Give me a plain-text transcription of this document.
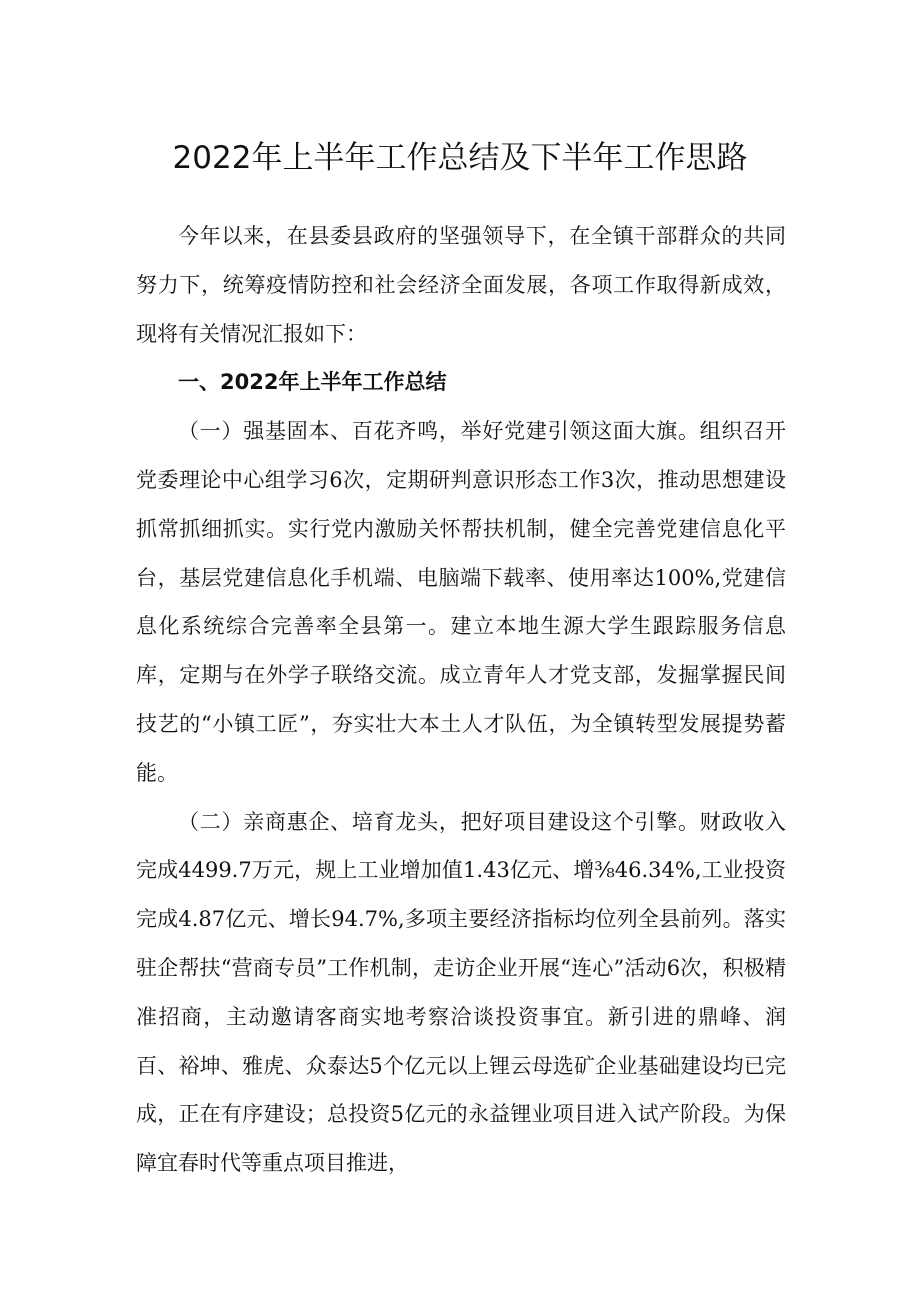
2022年上半年工作总结及下半年工作思路

今年以来，在县委县政府的坚强领导下，在全镇干部群众的共同努力下，统筹疫情防控和社会经济全面发展，各项工作取得新成效，现将有关情况汇报如下：

一、2022年上半年工作总结

（一）强基固本、百花齐鸣，举好党建引领这面大旗。组织召开党委理论中心组学习6次，定期研判意识形态工作3次，推动思想建设抓常抓细抓实。实行党内激励关怀帮扶机制，健全完善党建信息化平台，基层党建信息化手机端、电脑端下载率、使用率达100%,党建信息化系统综合完善率全县第一。建立本地生源大学生跟踪服务信息库，定期与在外学子联络交流。成立青年人才党支部，发掘掌握民间技艺的“小镇工匠”，夯实壮大本土人才队伍，为全镇转型发展提势蓄能。

（二）亲商惠企、培育龙头，把好项目建设这个引擎。财政收入完成4499.7万元，规上工业增加值1.43亿元、增⅜46.34%,工业投资完成4.87亿元、增长94.7%,多项主要经济指标均位列全县前列。落实驻企帮扶“营商专员”工作机制，走访企业开展“连心”活动6次，积极精准招商，主动邀请客商实地考察洽谈投资事宜。新引进的鼎峰、润百、裕坤、雅虎、众泰达5个亿元以上锂云母选矿企业基础建设均已完成，正在有序建设；总投资5亿元的永益锂业项目进入试产阶段。为保障宜春时代等重点项目推进，
